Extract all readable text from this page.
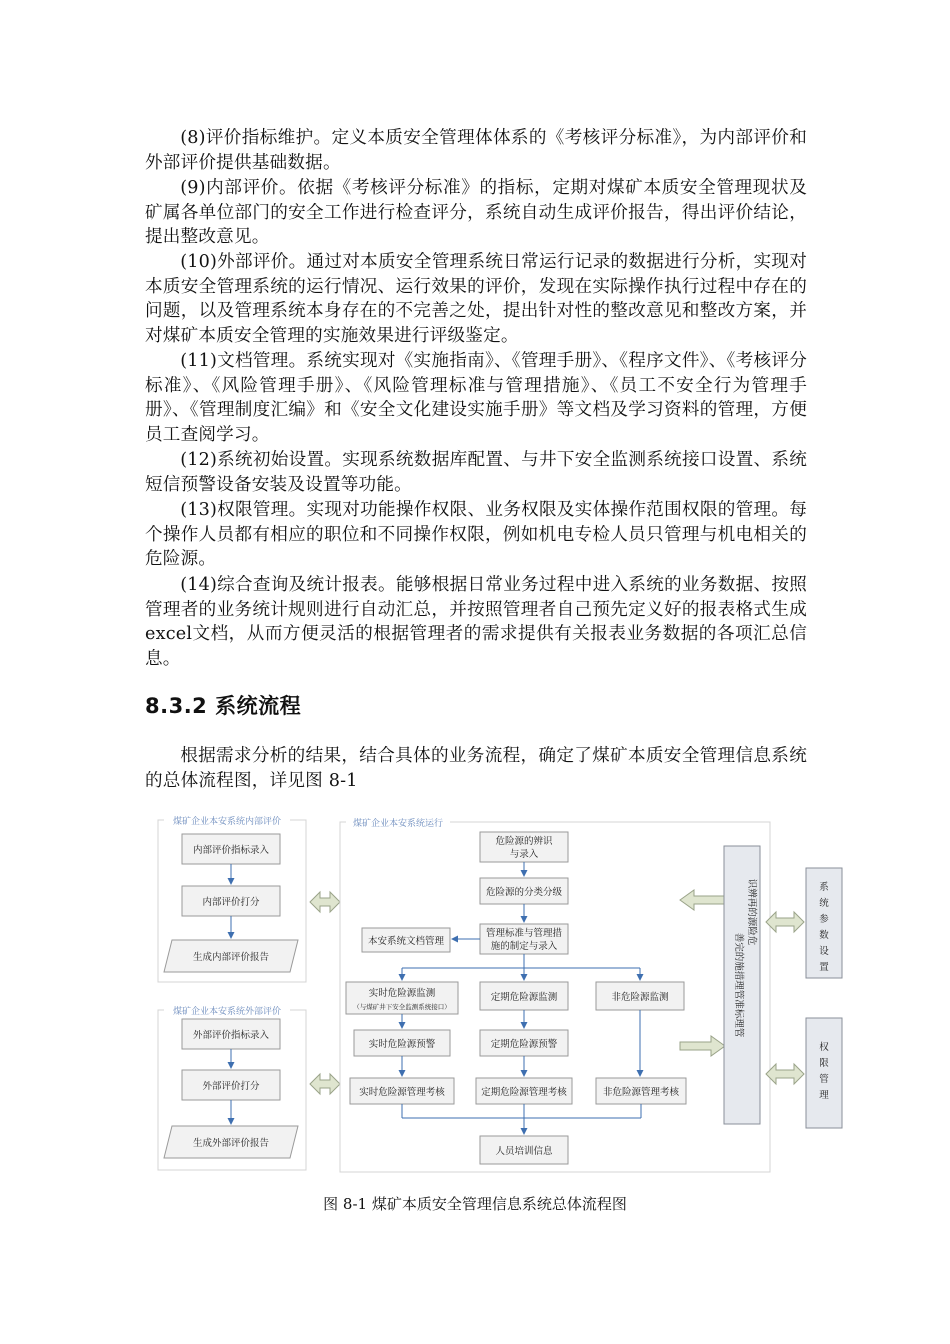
(8)评价指标维护。定义本质安全管理体体系的《考核评分标准》，为内部评价和外部评价提供基础数据。

(9)内部评价。依据《考核评分标准》的指标，定期对煤矿本质安全管理现状及矿属各单位部门的安全工作进行检查评分，系统自动生成评价报告，得出评价结论，提出整改意见。

(10)外部评价。通过对本质安全管理系统日常运行记录的数据进行分析，实现对本质安全管理系统的运行情况、运行效果的评价，发现在实际操作执行过程中存在的问题，以及管理系统本身存在的不完善之处，提出针对性的整改意见和整改方案，并对煤矿本质安全管理的实施效果进行评级鉴定。

(11)文档管理。系统实现对《实施指南》、《管理手册》、《程序文件》、《考核评分标准》、《风险管理手册》、《风险管理标准与管理措施》、《员工不安全行为管理手册》、《管理制度汇编》和《安全文化建设实施手册》等文档及学习资料的管理，方便员工查阅学习。

(12)系统初始设置。实现系统数据库配置、与井下安全监测系统接口设置、系统短信预警设备安装及设置等功能。

(13)权限管理。实现对功能操作权限、业务权限及实体操作范围权限的管理。每个操作人员都有相应的职位和不同操作权限，例如机电专检人员只管理与机电相关的危险源。

(14)综合查询及统计报表。能够根据日常业务过程中进入系统的业务数据、按照管理者的业务统计规则进行自动汇总，并按照管理者自己预先定义好的报表格式生成excel文档，从而方便灵活的根据管理者的需求提供有关报表业务数据的各项汇总信息。

8.3.2 系统流程

根据需求分析的结果，结合具体的业务流程，确定了煤矿本质安全管理信息系统的总体流程图，详见图 8-1

煤矿企业本安系统内部评价
内部评价指标录入
内部评价打分
生成内部评价报告
煤矿企业本安系统外部评价
外部评价指标录入
外部评价打分
生成外部评价报告
煤矿企业本安系统运行
危险源的辨识
与录入
危险源的分类分级
管理标准与管理措
施的制定与录入
本安系统文档管理
实时危险源监测
（与煤矿井下安全监测系统接口）
定期危险源监测	非危险源监测
实时危险源预警	定期危险源预警
实时危险源管理考核	定期危险源管理考核	非危险源管理考核
人员培训信息
善完的施措理管准标理管
识辨再的源险危	系
统
参
数
设
置
权
限
管
理

图 8-1 煤矿本质安全管理信息系统总体流程图
